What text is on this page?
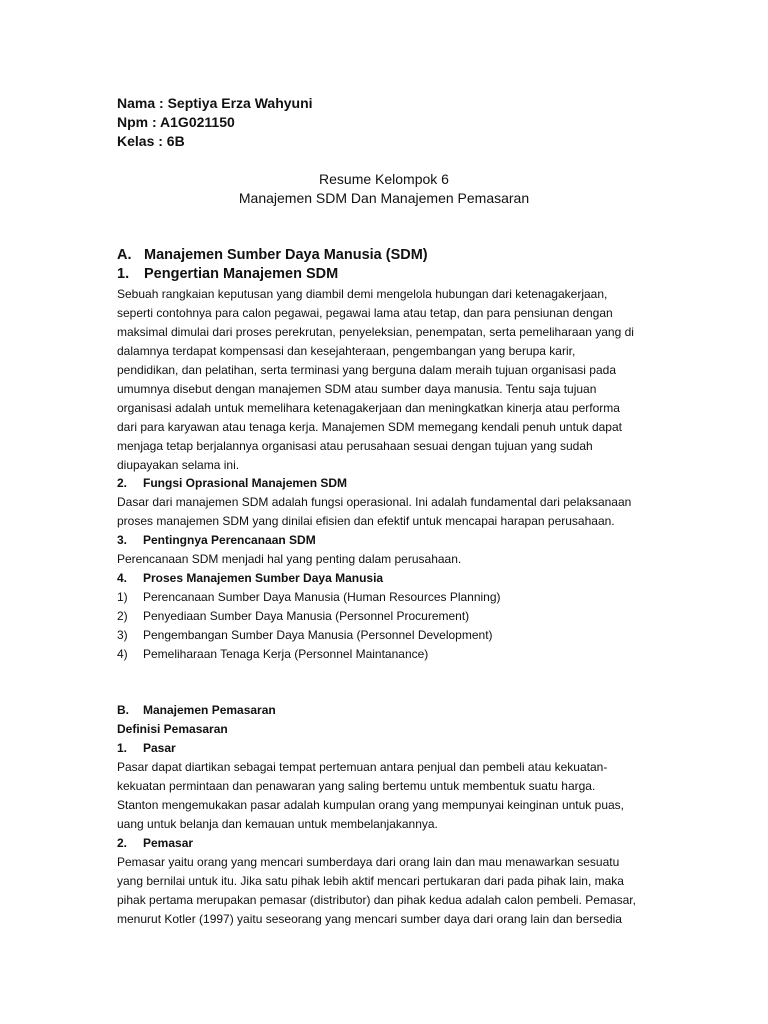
Nama : Septiya Erza Wahyuni
Npm : A1G021150
Kelas : 6B
Resume Kelompok 6
Manajemen SDM Dan Manajemen Pemasaran
A. Manajemen Sumber Daya Manusia (SDM)
1. Pengertian Manajemen SDM
Sebuah rangkaian keputusan yang diambil demi mengelola hubungan dari ketenagakerjaan,
seperti contohnya para calon pegawai, pegawai lama atau tetap, dan para pensiunan dengan
maksimal dimulai dari proses perekrutan, penyeleksian, penempatan, serta pemeliharaan yang di
dalamnya terdapat kompensasi dan kesejahteraan, pengembangan yang berupa karir,
pendidikan, dan pelatihan, serta terminasi yang berguna dalam meraih tujuan organisasi pada
umumnya disebut dengan manajemen SDM atau sumber daya manusia. Tentu saja tujuan
organisasi adalah untuk memelihara ketenagakerjaan dan meningkatkan kinerja atau performa
dari para karyawan atau tenaga kerja. Manajemen SDM memegang kendali penuh untuk dapat
menjaga tetap berjalannya organisasi atau perusahaan sesuai dengan tujuan yang sudah
diupayakan selama ini.
2. Fungsi Oprasional Manajemen SDM
Dasar dari manajemen SDM adalah fungsi operasional. Ini adalah fundamental dari pelaksanaan
proses manajemen SDM yang dinilai efisien dan efektif untuk mencapai harapan perusahaan.
3. Pentingnya Perencanaan SDM
Perencanaan SDM menjadi hal yang penting dalam perusahaan.
4. Proses Manajemen Sumber Daya Manusia
1) Perencanaan Sumber Daya Manusia (Human Resources Planning)
2) Penyediaan Sumber Daya Manusia (Personnel Procurement)
3) Pengembangan Sumber Daya Manusia (Personnel Development)
4) Pemeliharaan Tenaga Kerja (Personnel Maintanance)
B. Manajemen Pemasaran
Definisi Pemasaran
1. Pasar
Pasar dapat diartikan sebagai tempat pertemuan antara penjual dan pembeli atau kekuatan-
kekuatan permintaan dan penawaran yang saling bertemu untuk membentuk suatu harga.
Stanton mengemukakan pasar adalah kumpulan orang yang mempunyai keinginan untuk puas,
uang untuk belanja dan kemauan untuk membelanjakannya.
2. Pemasar
Pemasar yaitu orang yang mencari sumberdaya dari orang lain dan mau menawarkan sesuatu
yang bernilai untuk itu. Jika satu pihak lebih aktif mencari pertukaran dari pada pihak lain, maka
pihak pertama merupakan pemasar (distributor) dan pihak kedua adalah calon pembeli. Pemasar,
menurut Kotler (1997) yaitu seseorang yang mencari sumber daya dari orang lain dan bersedia
